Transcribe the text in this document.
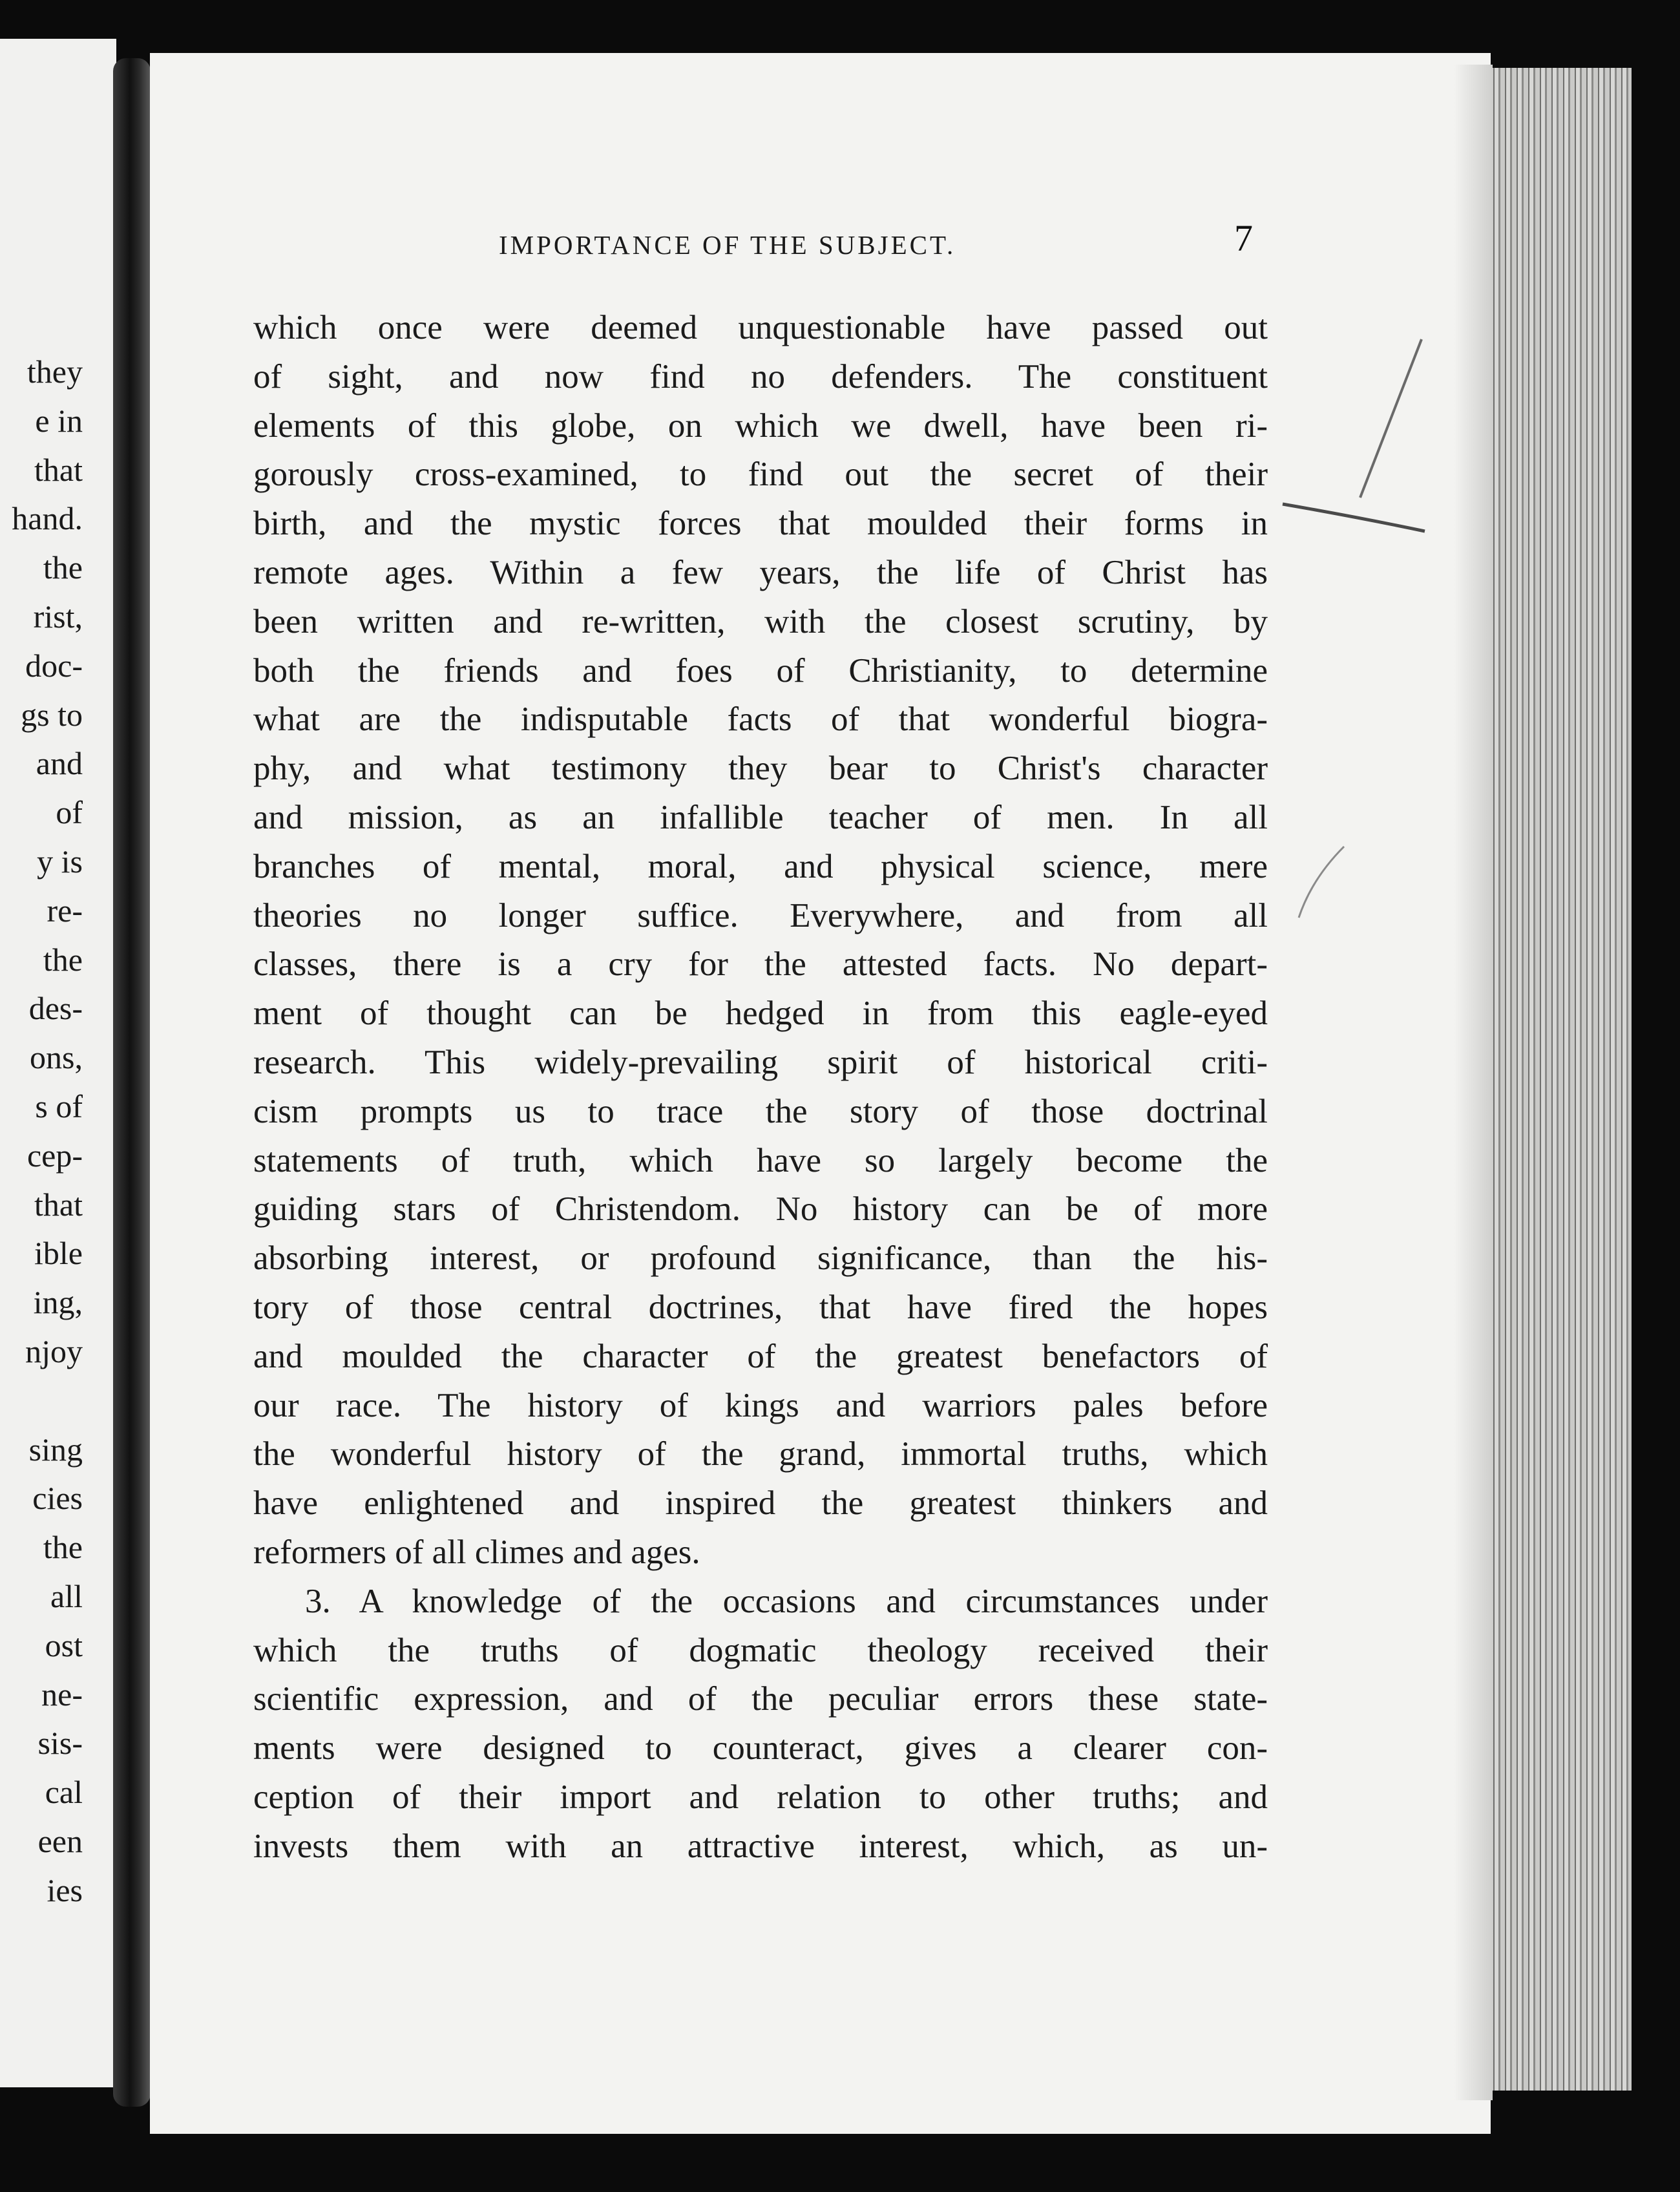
they
e in
that
hand.
the
rist,
doc-
gs to
and
of
y is
re-
the
des-
ons,
s of
cep-
that
ible
ing,
njoy

sing
cies
the
all
ost
ne-
sis-
cal
een
ies
IMPORTANCE OF THE SUBJECT.	7
which once were deemed unquestionable have passed out
of sight, and now find no defenders. The constituent
elements of this globe, on which we dwell, have been ri-
gorously cross-examined, to find out the secret of their
birth, and the mystic forces that moulded their forms in
remote ages. Within a few years, the life of Christ has
been written and re-written, with the closest scrutiny, by
both the friends and foes of Christianity, to determine
what are the indisputable facts of that wonderful biogra-
phy, and what testimony they bear to Christ's character
and mission, as an infallible teacher of men. In all
branches of mental, moral, and physical science, mere
theories no longer suffice. Everywhere, and from all
classes, there is a cry for the attested facts. No depart-
ment of thought can be hedged in from this eagle-eyed
research. This widely-prevailing spirit of historical criti-
cism prompts us to trace the story of those doctrinal
statements of truth, which have so largely become the
guiding stars of Christendom. No history can be of more
absorbing interest, or profound significance, than the his-
tory of those central doctrines, that have fired the hopes
and moulded the character of the greatest benefactors of
our race. The history of kings and warriors pales before
the wonderful history of the grand, immortal truths, which
have enlightened and inspired the greatest thinkers and
reformers of all climes and ages.
3. A knowledge of the occasions and circumstances under
which the truths of dogmatic theology received their
scientific expression, and of the peculiar errors these state-
ments were designed to counteract, gives a clearer con-
ception of their import and relation to other truths; and
invests them with an attractive interest, which, as un-
